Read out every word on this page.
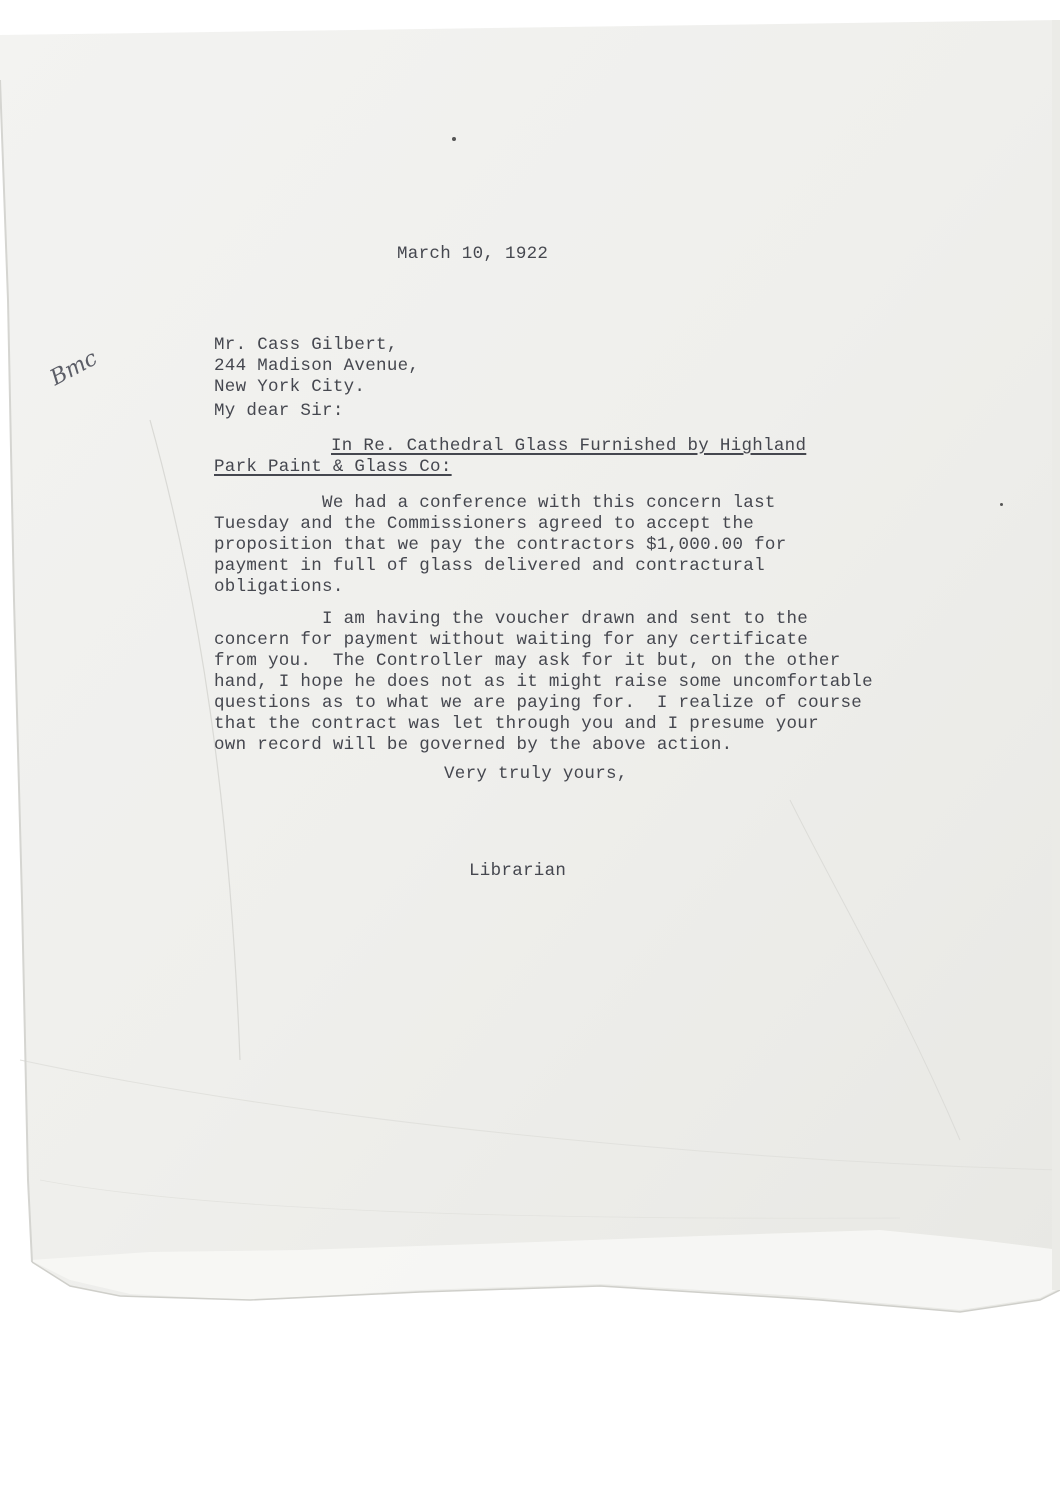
Bmc
March 10, 1922
Mr. Cass Gilbert,
244 Madison Avenue,
New York City.
My dear Sir:
In Re. Cathedral Glass Furnished by Highland
Park Paint & Glass Co:
We had a conference with this concern last
Tuesday and the Commissioners agreed to accept the
proposition that we pay the contractors $1,000.00 for
payment in full of glass delivered and contractural
obligations.
I am having the voucher drawn and sent to the
concern for payment without waiting for any certificate
from you.  The Controller may ask for it but, on the other
hand, I hope he does not as it might raise some uncomfortable
questions as to what we are paying for.  I realize of course
that the contract was let through you and I presume your
own record will be governed by the above action.
Very truly yours,
Librarian
